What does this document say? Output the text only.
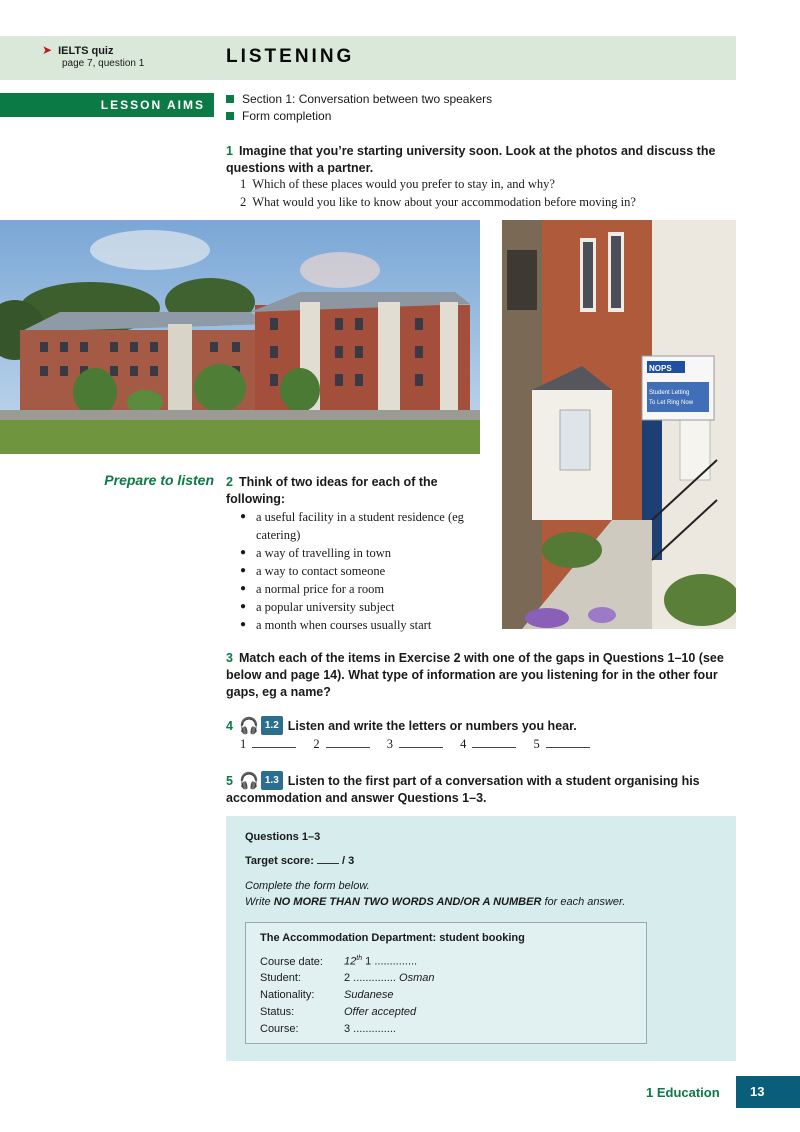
➤ IELTS quiz
page 7, question 1	LISTENING
LESSON AIMS	Section 1: Conversation between two speakers
Form completion
1 Imagine that you’re starting university soon. Look at the photos and discuss the questions with a partner.
1 Which of these places would you prefer to stay in, and why?
2 What would you like to know about your accommodation before moving in?
NOPS
Student Letting
To Let Ring Now
Prepare to listen 2 Think of two ideas for each of the following:
● a useful facility in a student residence (eg catering)
● a way of travelling in town
● a way to contact someone
● a normal price for a room
● a popular university subject
● a month when courses usually start
3 Match each of the items in Exercise 2 with one of the gaps in Questions 1–10 (see below and page 14). What type of information are you listening for in the other four gaps, eg a name?
4 🎧 1.2 Listen and write the letters or numbers you hear.
1	2	3	4	5
5 🎧 1.3 Listen to the first part of a conversation with a student organising his accommodation and answer Questions 1–3.
Questions 1–3
Target score:	/ 3
Complete the form below.
Write NO MORE THAN TWO WORDS AND/OR A NUMBER for each answer.
The Accommodation Department: student booking
Course date: 12th 1 ..............
Student:	2 .............. Osman
Nationality:	Sudanese
Status:	Offer accepted
Course:	3 ..............
1 Education	13
